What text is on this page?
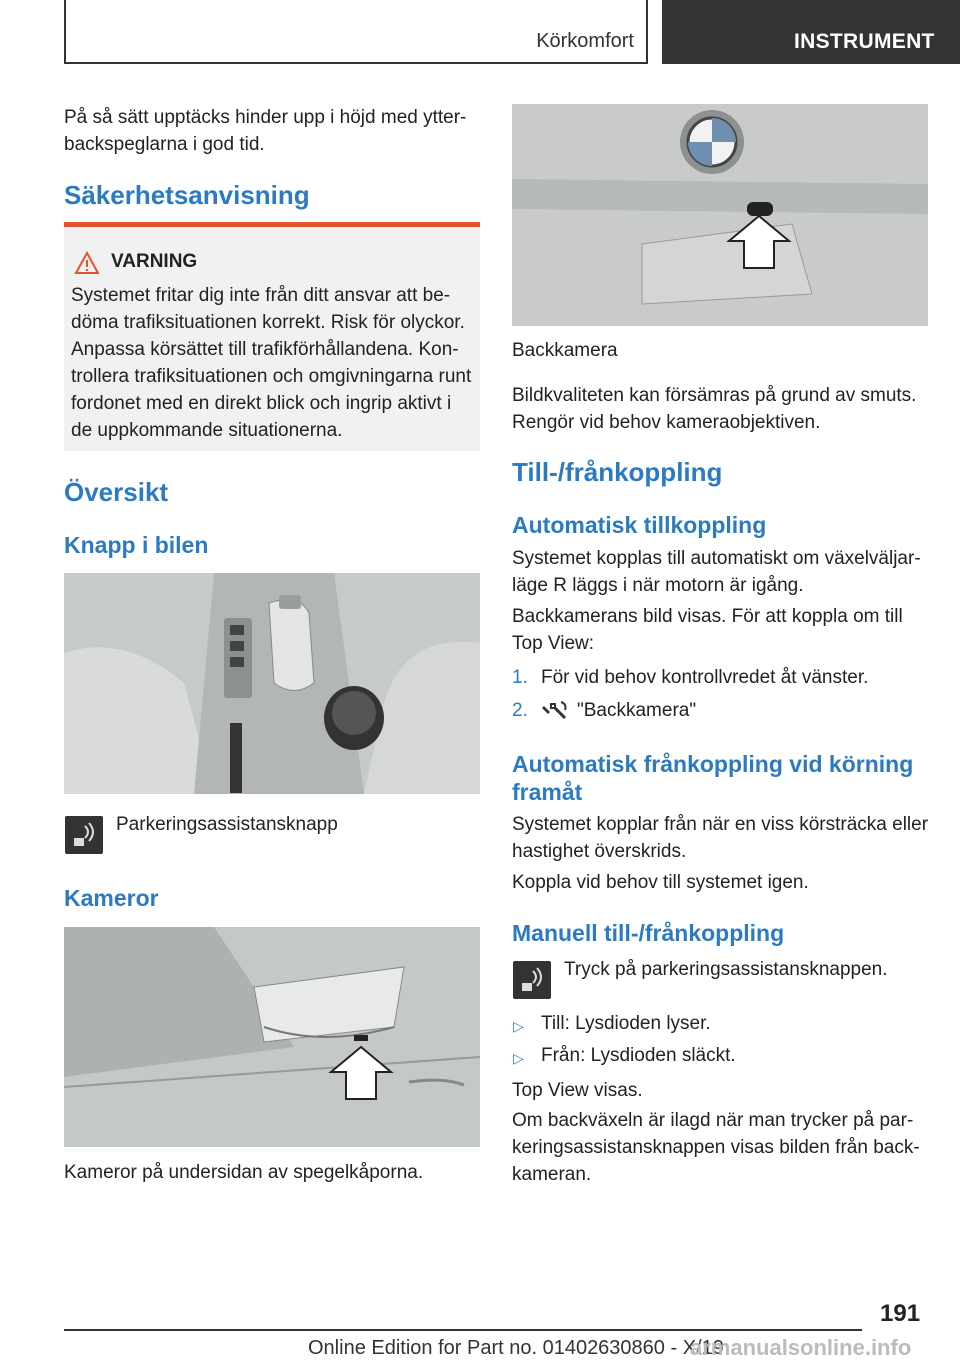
Körkomfort	INSTRUMENT

På så sätt upptäcks hinder upp i höjd med ytter-backspeglarna i god tid.

Säkerhetsanvisning
VARNING
Systemet fritar dig inte från ditt ansvar att be-döma trafiksituationen korrekt. Risk för olyckor. Anpassa körsättet till trafikförhållandena. Kon-trollera trafiksituationen och omgivningarna runt fordonet med en direkt blick och ingrip aktivt i de uppkommande situationerna.
Översikt
Knapp i bilen
Parkeringsassistansknapp
Kameror
Kameror på undersidan av spegelkåporna.
Backkamera

Bildkvaliteten kan försämras på grund av smuts. Rengör vid behov kameraobjektiven.

Till-/frånkoppling
Automatisk tillkoppling

Systemet kopplas till automatiskt om växelväljar-läge R läggs i när motorn är igång.

Backkamerans bild visas. För att koppla om till Top View:

1. För vid behov kontrollvredet åt vänster.
2.	"Backkamera"
Automatisk frånkoppling vid körning framåt

Systemet kopplar från när en viss körsträcka eller hastighet överskrids.

Koppla vid behov till systemet igen.

Manuell till-/frånkoppling
Tryck på parkeringsassistansknappen.
▷ Till: Lysdioden lyser.
▷ Från: Lysdioden släckt.

Top View visas.

Om backväxeln är ilagd när man trycker på par-keringsassistansknappen visas bilden från back-kameran.

191
Online Edition for Part no. 01402630860 - X/19
armanualsonline.info
